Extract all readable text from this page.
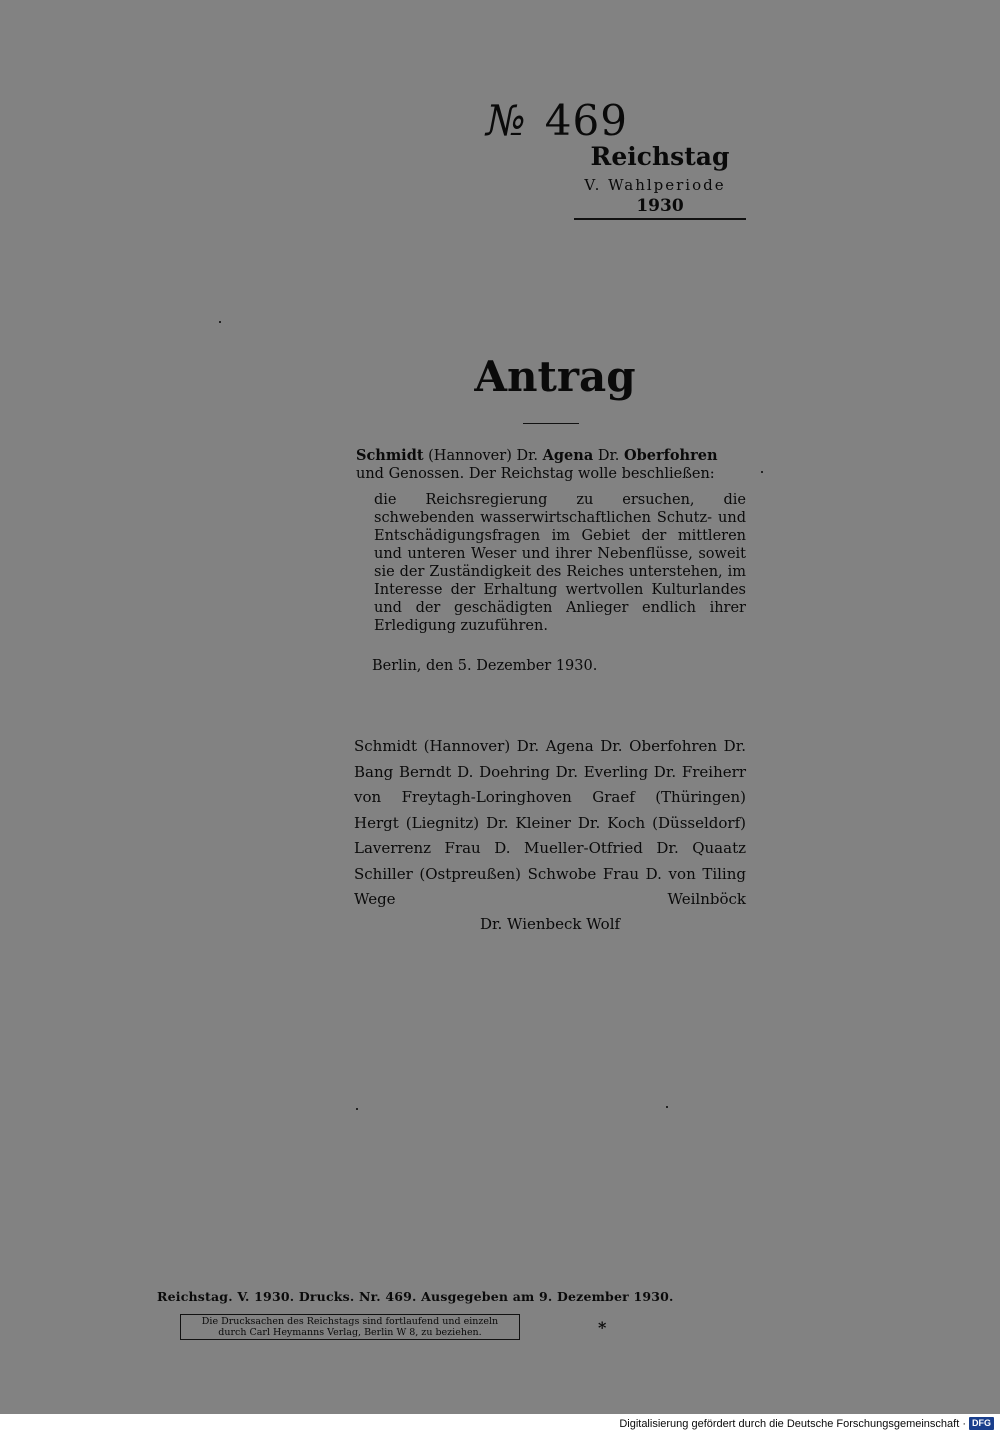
№ 469
Reichstag
V. Wahlperiode
1930
Antrag

Schmidt (Hannover) Dr. Agena Dr. Oberfohren und Genossen. Der Reichstag wolle beschließen:

die Reichsregierung zu ersuchen, die schwebenden wasserwirtschaftlichen Schutz- und Entschädigungsfragen im Gebiet der mittleren und unteren Weser und ihrer Nebenflüsse, soweit sie der Zuständigkeit des Reiches unterstehen, im Interesse der Erhaltung wertvollen Kulturlandes und der geschädigten Anlieger endlich ihrer Erledigung zuzuführen.

Berlin, den 5. Dezember 1930.

Schmidt (Hannover) Dr. Agena Dr. Oberfohren Dr. Bang Berndt D. Doehring Dr. Everling Dr. Freiherr von Freytagh-Loringhoven Graef (Thüringen) Hergt (Liegnitz) Dr. Kleiner Dr. Koch (Düsseldorf) Laverrenz Frau D. Mueller-Otfried Dr. Quaatz Schiller (Ostpreußen) Schwobe Frau D. von Tiling Wege Weilnböck
Dr. Wienbeck Wolf
Reichstag. V. 1930. Drucks. Nr. 469. Ausgegeben am 9. Dezember 1930.
Die Drucksachen des Reichstags sind fortlaufend und einzeln
durch Carl Heymanns Verlag, Berlin W 8, zu beziehen.	*
Digitalisierung gefördert durch die Deutsche Forschungsgemeinschaft · DFG
